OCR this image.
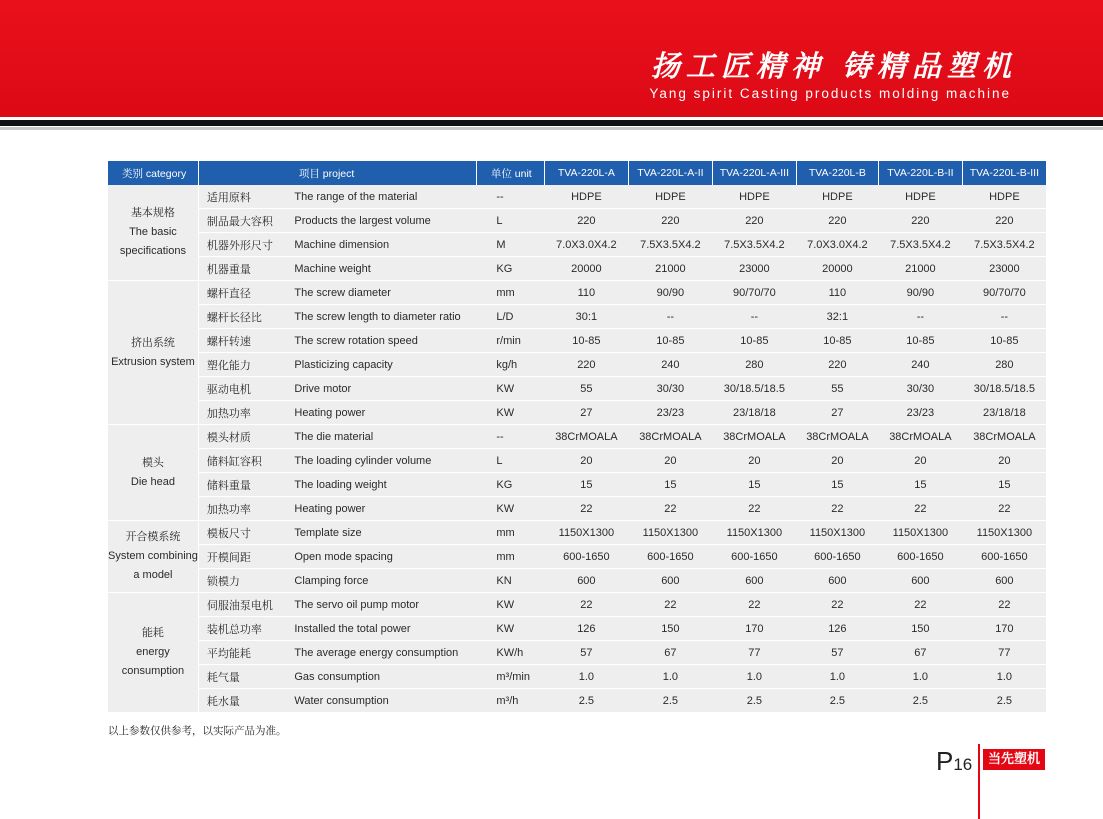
扬工匠精神 铸精品塑机
Yang spirit Casting products molding machine
类别 category	项目 project		单位 unit	TVA-220L-A	TVA-220L-A-II	TVA-220L-A-III	TVA-220L-B	TVA-220L-B-II	TVA-220L-B-III

基本规格
The basic
specifications	适用原料	The range of the material	--	HDPE	HDPE	HDPE	HDPE	HDPE	HDPE
	制品最大容积	Products the largest volume	L	220	220	220	220	220	220
	机器外形尺寸	Machine dimension	M	7.0X3.0X4.2	7.5X3.5X4.2	7.5X3.5X4.2	7.0X3.0X4.2	7.5X3.5X4.2	7.5X3.5X4.2
	机器重量	Machine weight	KG	20000	21000	23000	20000	21000	23000

挤出系统
Extrusion system	螺杆直径	The screw diameter	mm	110	90/90	90/70/70	110	90/90	90/70/70
	螺杆长径比	The screw length to diameter ratio	L/D	30:1	--	--	32:1	--	--
	螺杆转速	The screw rotation speed	r/min	10-85	10-85	10-85	10-85	10-85	10-85
	塑化能力	Plasticizing capacity	kg/h	220	240	280	220	240	280
	驱动电机	Drive motor	KW	55	30/30	30/18.5/18.5	55	30/30	30/18.5/18.5
	加热功率	Heating power	KW	27	23/23	23/18/18	27	23/23	23/18/18

模头
Die head	模头材质	The die material	--	38CrMOALA	38CrMOALA	38CrMOALA	38CrMOALA	38CrMOALA	38CrMOALA
	储料缸容积	The loading cylinder volume	L	20	20	20	20	20	20
	储料重量	The loading weight	KG	15	15	15	15	15	15
	加热功率	Heating power	KW	22	22	22	22	22	22

开合模系统
System combining
a model	模板尺寸	Template size	mm	1150X1300	1150X1300	1150X1300	1150X1300	1150X1300	1150X1300
	开模间距	Open mode spacing	mm	600-1650	600-1650	600-1650	600-1650	600-1650	600-1650
	锁模力	Clamping force	KN	600	600	600	600	600	600

能耗
energy
consumption	伺服油泵电机	The servo oil pump motor	KW	22	22	22	22	22	22
	装机总功率	Installed the total power	KW	126	150	170	126	150	170
	平均能耗	The average energy consumption	KW/h	57	67	77	57	67	77
	耗气量	Gas consumption	m³/min	1.0	1.0	1.0	1.0	1.0	1.0
	耗水量	Water consumption	m³/h	2.5	2.5	2.5	2.5	2.5	2.5
以上参数仅供参考，以实际产品为准。
P16	当先塑机
